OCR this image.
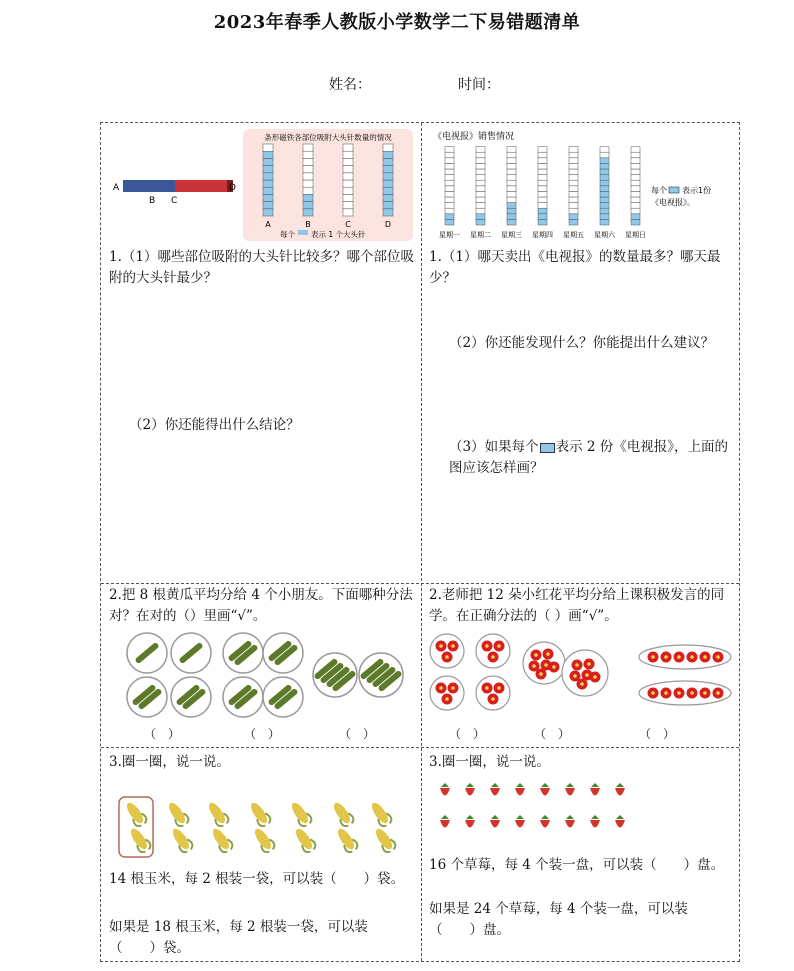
2023年春季人教版小学数学二下易错题清单
姓名：	时间：
A
B C
D
条形磁铁各部位吸附大头针数量的情况
A	B	C	D
每个 表示 1 个大头针
1.（1）哪些部位吸附的大头针比较多？哪个部位吸附的大头针最少？
（2）你还能得出什么结论？
《电视报》销售情况
星期一 星期二 星期三 星期四 星期五 星期六 星期日
每个 表示1份
《电视报》。
1.（1）哪天卖出《电视报》的数量最多？哪天最少？
（2）你还能发现什么？你能提出什么建议？
（3）如果每个 表示 2 份《电视报》，上面的图应该怎样画？
2.把 8 根黄瓜平均分给 4 个小朋友。下面哪种分法对？在对的（）里画“√”。
（　）	（　）	（　）
2.老师把 12 朵小红花平均分给上课积极发言的同学。在正确分法的（ ）画“√”。
（　）	（　）	（　）
3.圈一圈，说一说。
14 根玉米，每 2 根装一袋，可以装（　　）袋。
如果是 18 根玉米，每 2 根装一袋，可以装（　　）袋。
3.圈一圈，说一说。
16 个草莓，每 4 个装一盘，可以装（　　）盘。
如果是 24 个草莓，每 4 个装一盘，可以装（　　）盘。
